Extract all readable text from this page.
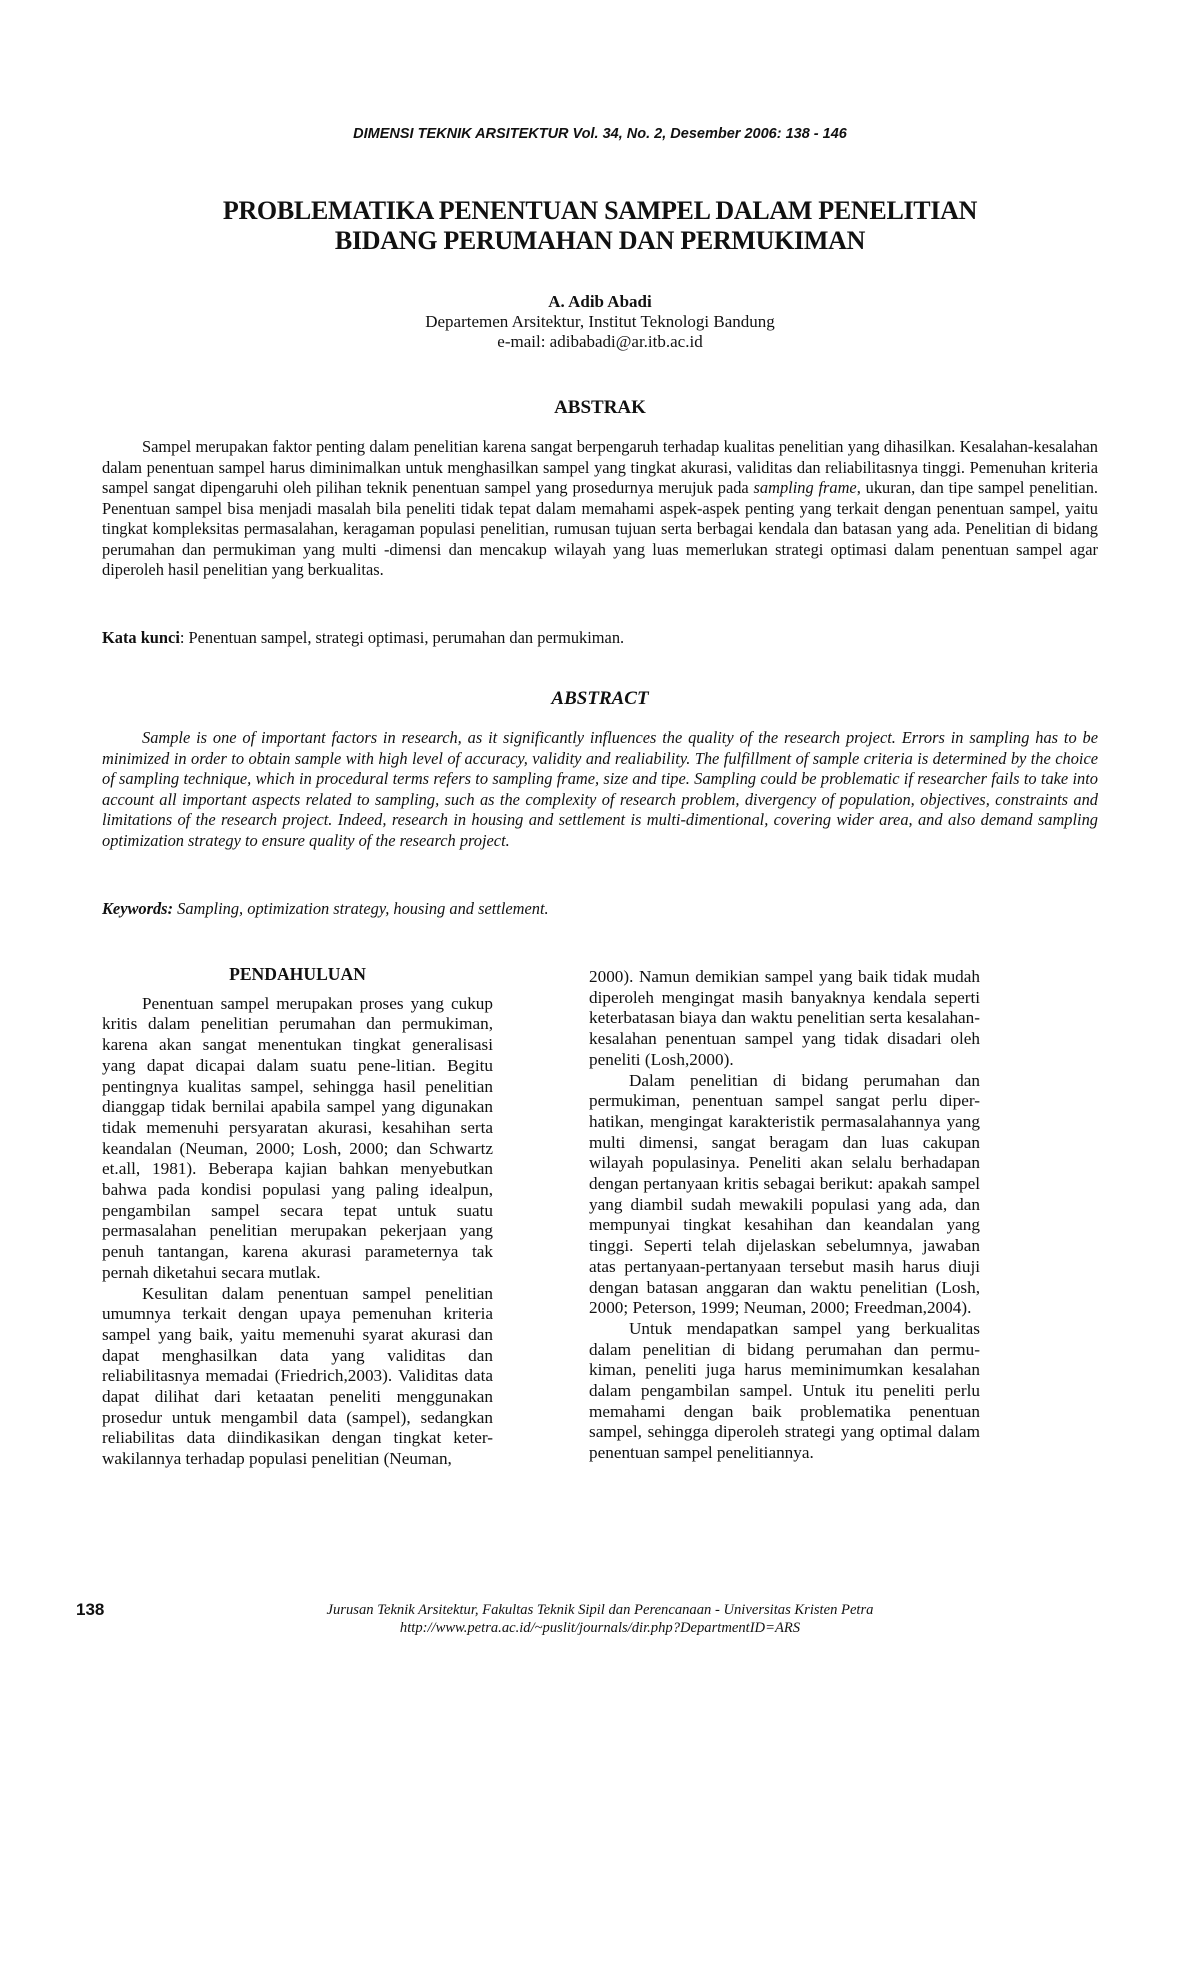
DIMENSI TEKNIK ARSITEKTUR Vol. 34, No. 2, Desember 2006: 138 - 146
PROBLEMATIKA PENENTUAN SAMPEL DALAM PENELITIAN
BIDANG PERUMAHAN DAN PERMUKIMAN
A. Adib Abadi
Departemen Arsitektur, Institut Teknologi Bandung
e-mail: adibabadi@ar.itb.ac.id
ABSTRAK
Sampel merupakan faktor penting dalam penelitian karena sangat berpengaruh terhadap kualitas penelitian yang dihasilkan. Kesalahan-kesalahan dalam penentuan sampel harus diminimalkan untuk menghasilkan sampel yang tingkat akurasi, validitas dan reliabilitasnya tinggi. Pemenuhan kriteria sampel sangat dipengaruhi oleh pilihan teknik penentuan sampel yang prosedurnya merujuk pada sampling frame, ukuran, dan tipe sampel penelitian. Penentuan sampel bisa menjadi masalah bila peneliti tidak tepat dalam memahami aspek-aspek penting yang terkait dengan penentuan sampel, yaitu tingkat kompleksitas permasalahan, keragaman populasi penelitian, rumusan tujuan serta berbagai kendala dan batasan yang ada. Penelitian di bidang perumahan dan permukiman yang multi -dimensi dan mencakup wilayah yang luas memerlukan strategi optimasi dalam penentuan sampel agar diperoleh hasil penelitian yang berkualitas.
Kata kunci: Penentuan sampel, strategi optimasi, perumahan dan permukiman.
ABSTRACT
Sample is one of important factors in research, as it significantly influences the quality of the research project. Errors in sampling has to be minimized in order to obtain sample with high level of accuracy, validity and realiability. The fulfillment of sample criteria is determined by the choice of sampling technique, which in procedural terms refers to sampling frame, size and tipe. Sampling could be problematic if researcher fails to take into account all important aspects related to sampling, such as the complexity of research problem, divergency of population, objectives, constraints and limitations of the research project. Indeed, research in housing and settlement is multi-dimentional, covering wider area, and also demand sampling optimization strategy to ensure quality of the research project.
Keywords: Sampling, optimization strategy, housing and settlement.
PENDAHULUAN

Penentuan sampel merupakan proses yang cukup kritis dalam penelitian perumahan dan permukiman, karena akan sangat menentukan tingkat generalisasi yang dapat dicapai dalam suatu pene-litian. Begitu pentingnya kualitas sampel, sehingga hasil penelitian dianggap tidak bernilai apabila sampel yang digunakan tidak memenuhi persyaratan akurasi, kesahihan serta keandalan (Neuman, 2000; Losh, 2000; dan Schwartz et.all, 1981). Beberapa kajian bahkan menyebutkan bahwa pada kondisi populasi yang paling idealpun, pengambilan sampel secara tepat untuk suatu permasalahan penelitian merupakan pekerjaan yang penuh tantangan, karena akurasi parameternya tak pernah diketahui secara mutlak.

Kesulitan dalam penentuan sampel penelitian umumnya terkait dengan upaya pemenuhan kriteria sampel yang baik, yaitu memenuhi syarat akurasi dan dapat menghasilkan data yang validitas dan reliabilitasnya memadai (Friedrich,2003). Validitas data dapat dilihat dari ketaatan peneliti menggunakan prosedur untuk mengambil data (sampel), sedangkan reliabilitas data diindikasikan dengan tingkat keter-wakilannya terhadap populasi penelitian (Neuman,

2000). Namun demikian sampel yang baik tidak mudah diperoleh mengingat masih banyaknya kendala seperti keterbatasan biaya dan waktu penelitian serta kesalahan-kesalahan penentuan sampel yang tidak disadari oleh peneliti (Losh,2000).

Dalam penelitian di bidang perumahan dan permukiman, penentuan sampel sangat perlu diper-hatikan, mengingat karakteristik permasalahannya yang multi dimensi, sangat beragam dan luas cakupan wilayah populasinya. Peneliti akan selalu berhadapan dengan pertanyaan kritis sebagai berikut: apakah sampel yang diambil sudah mewakili populasi yang ada, dan mempunyai tingkat kesahihan dan keandalan yang tinggi. Seperti telah dijelaskan sebelumnya, jawaban atas pertanyaan-pertanyaan tersebut masih harus diuji dengan batasan anggaran dan waktu penelitian (Losh, 2000; Peterson, 1999; Neuman, 2000; Freedman,2004).

Untuk mendapatkan sampel yang berkualitas dalam penelitian di bidang perumahan dan permu-kiman, peneliti juga harus meminimumkan kesalahan dalam pengambilan sampel. Untuk itu peneliti perlu memahami dengan baik problematika penentuan sampel, sehingga diperoleh strategi yang optimal dalam penentuan sampel penelitiannya.

138	Jurusan Teknik Arsitektur, Fakultas Teknik Sipil dan Perencanaan - Universitas Kristen Petra
http://www.petra.ac.id/~puslit/journals/dir.php?DepartmentID=ARS
